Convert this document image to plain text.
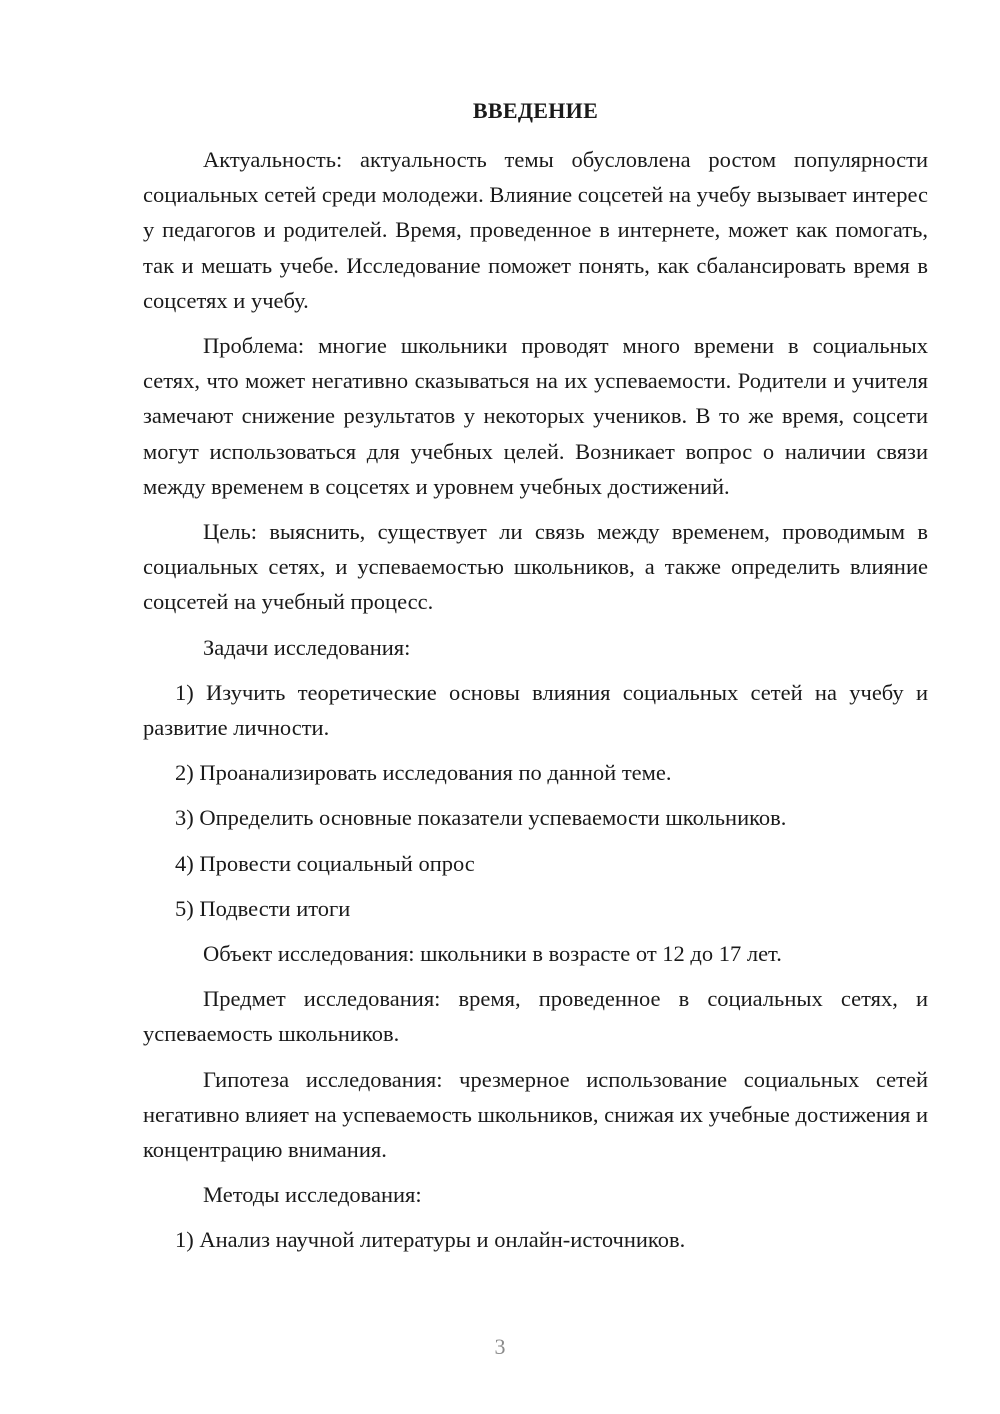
ВВЕДЕНИЕ

Актуальность: актуальность темы обусловлена ростом популярности социальных сетей среди молодежи. Влияние соцсетей на учебу вызывает интерес у педагогов и родителей. Время, проведенное в интернете, может как помогать, так и мешать учебе. Исследование поможет понять, как сбалансировать время в соцсетях и учебу.

Проблема: многие школьники проводят много времени в социальных сетях, что может негативно сказываться на их успеваемости. Родители и учителя замечают снижение результатов у некоторых учеников. В то же время, соцсети могут использоваться для учебных целей. Возникает вопрос о наличии связи между временем в соцсетях и уровнем учебных достижений.

Цель: выяснить, существует ли связь между временем, проводимым в социальных сетях, и успеваемостью школьников, а также определить влияние соцсетей на учебный процесс.

Задачи исследования:

1) Изучить теоретические основы влияния социальных сетей на учебу и развитие личности.

2) Проанализировать исследования по данной теме.

3) Определить основные показатели успеваемости школьников.

4) Провести социальный опрос

5) Подвести итоги

Объект исследования: школьники в возрасте от 12 до 17 лет.

Предмет исследования: время, проведенное в социальных сетях, и успеваемость школьников.

Гипотеза исследования: чрезмерное использование социальных сетей негативно влияет на успеваемость школьников, снижая их учебные достижения и концентрацию внимания.

Методы исследования:

1) Анализ научной литературы и онлайн-источников.

3
